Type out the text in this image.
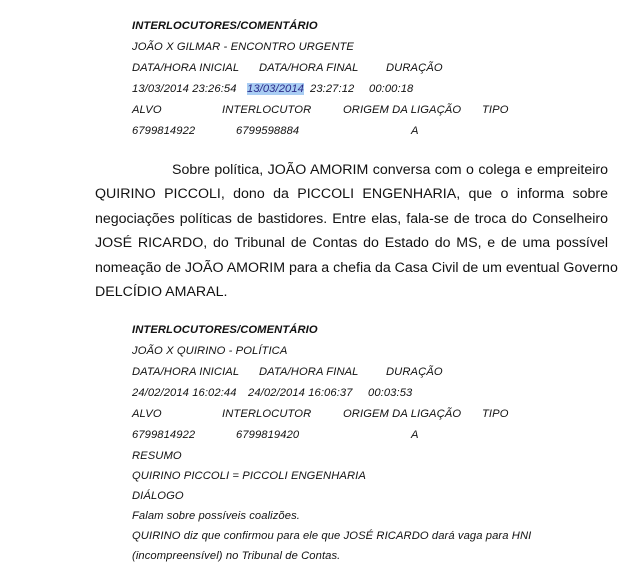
INTERLOCUTORES/COMENTÁRIO
JOÃO X GILMAR - ENCONTRO URGENTE
DATA/HORA INICIAL DATA/HORA FINAL DURAÇÃO
13/03/2014 23:26:54 13/03/2014 23:27:12 00:00:18
ALVO	INTERLOCUTOR	ORIGEM DA LIGAÇÃO TIPO
6799814922	6799598884	A
Sobre política, JOÃO AMORIM conversa com o colega e empreiteiro
QUIRINO PICCOLI, dono da PICCOLI ENGENHARIA, que o informa sobre
negociações políticas de bastidores. Entre elas, fala-se de troca do Conselheiro
JOSÉ RICARDO, do Tribunal de Contas do Estado do MS, e de uma possível
nomeação de JOÃO AMORIM para a chefia da Casa Civil de um eventual Governo
DELCÍDIO AMARAL.
INTERLOCUTORES/COMENTÁRIO
JOÃO X QUIRINO - POLÍTICA
DATA/HORA INICIAL DATA/HORA FINAL DURAÇÃO
24/02/2014 16:02:44 24/02/2014 16:06:37 00:03:53
ALVO	INTERLOCUTOR	ORIGEM DA LIGAÇÃO TIPO
6799814922	6799819420	A
RESUMO
QUIRINO PICCOLI = PICCOLI ENGENHARIA
DIÁLOGO
Falam sobre possíveis coalizões.
QUIRINO diz que confirmou para ele que JOSÉ RICARDO dará vaga para HNI
(incompreensível) no Tribunal de Contas.
